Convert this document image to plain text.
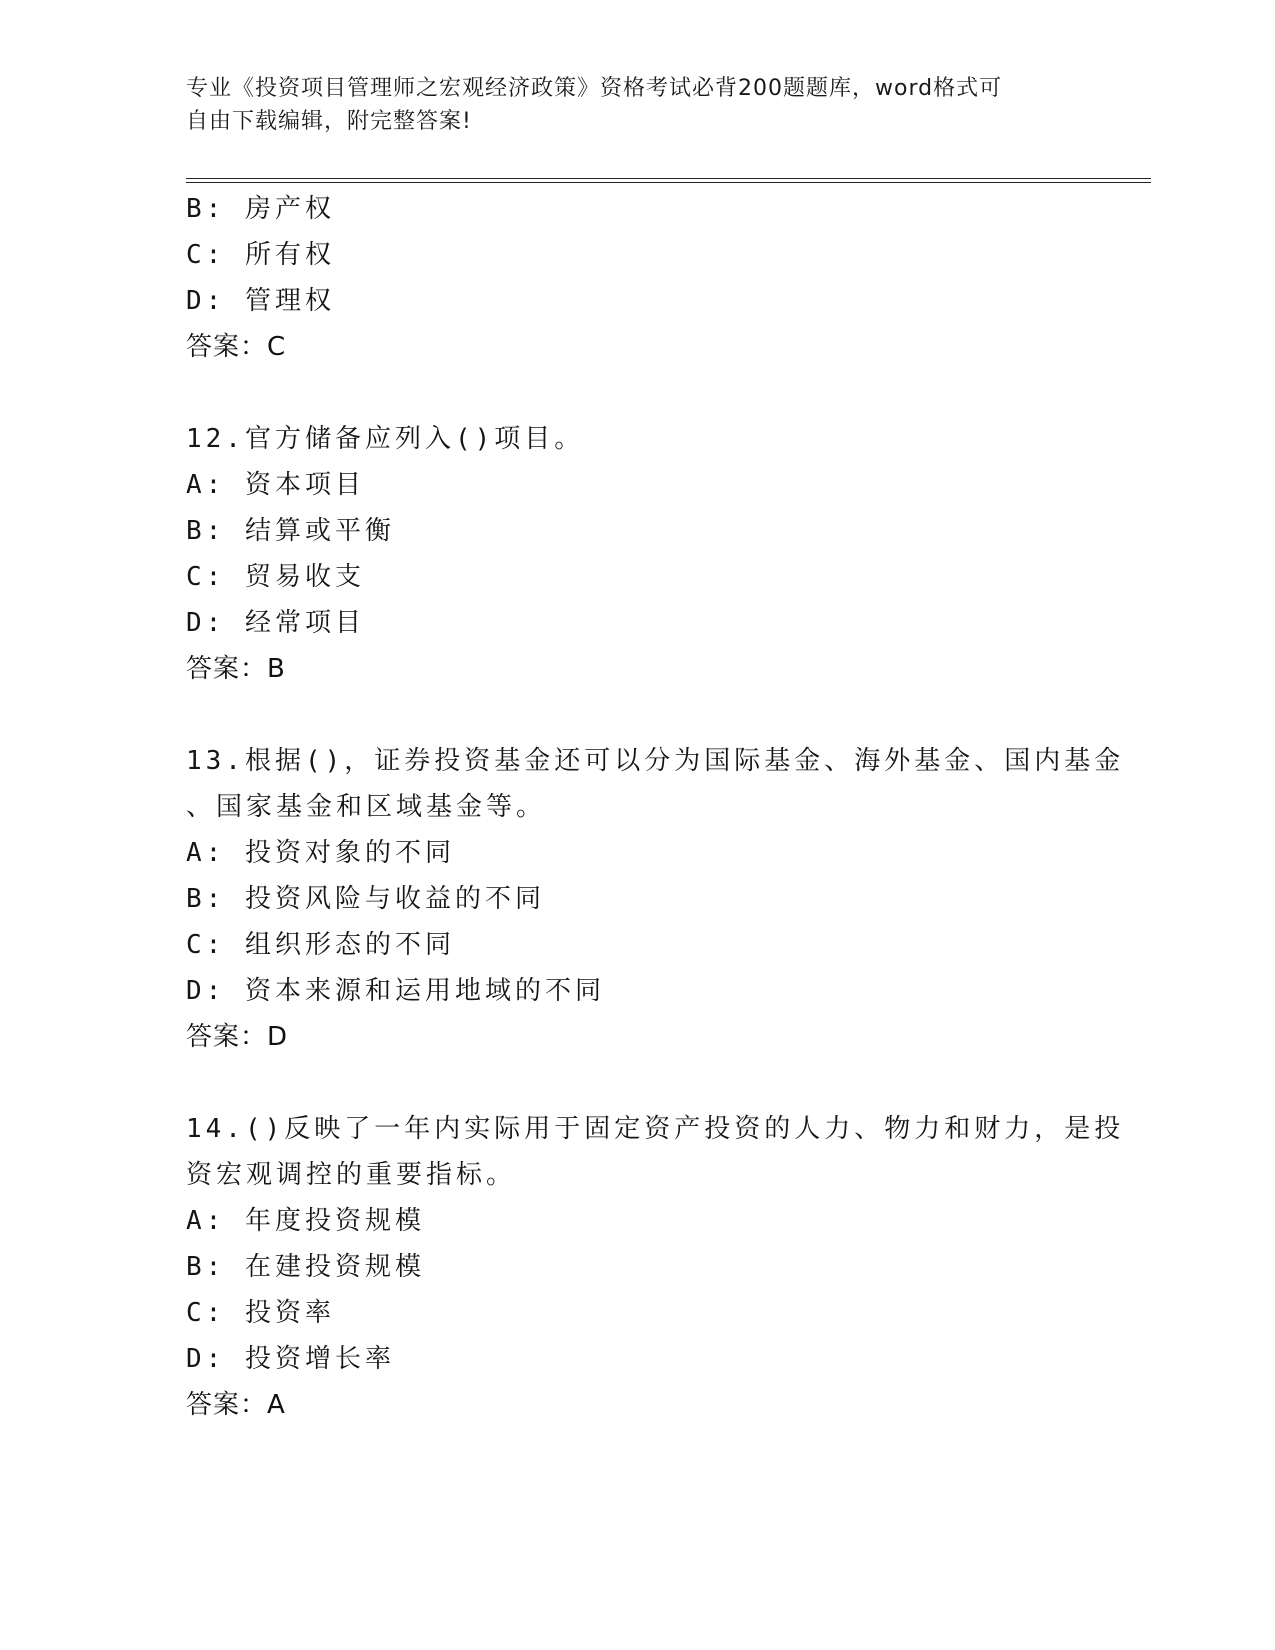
专业《投资项目管理师之宏观经济政策》资格考试必背200题题库，word格式可
自由下载编辑，附完整答案!
B: 房产权
C: 所有权
D: 管理权
答案：C
12.官方储备应列入()项目。
A: 资本项目
B: 结算或平衡
C: 贸易收支
D: 经常项目
答案：B
13.根据()，证券投资基金还可以分为国际基金、海外基金、国内基金
、国家基金和区域基金等。
A: 投资对象的不同
B: 投资风险与收益的不同
C: 组织形态的不同
D: 资本来源和运用地域的不同
答案：D
14.()反映了一年内实际用于固定资产投资的人力、物力和财力，是投
资宏观调控的重要指标。
A: 年度投资规模
B: 在建投资规模
C: 投资率
D: 投资增长率
答案：A
